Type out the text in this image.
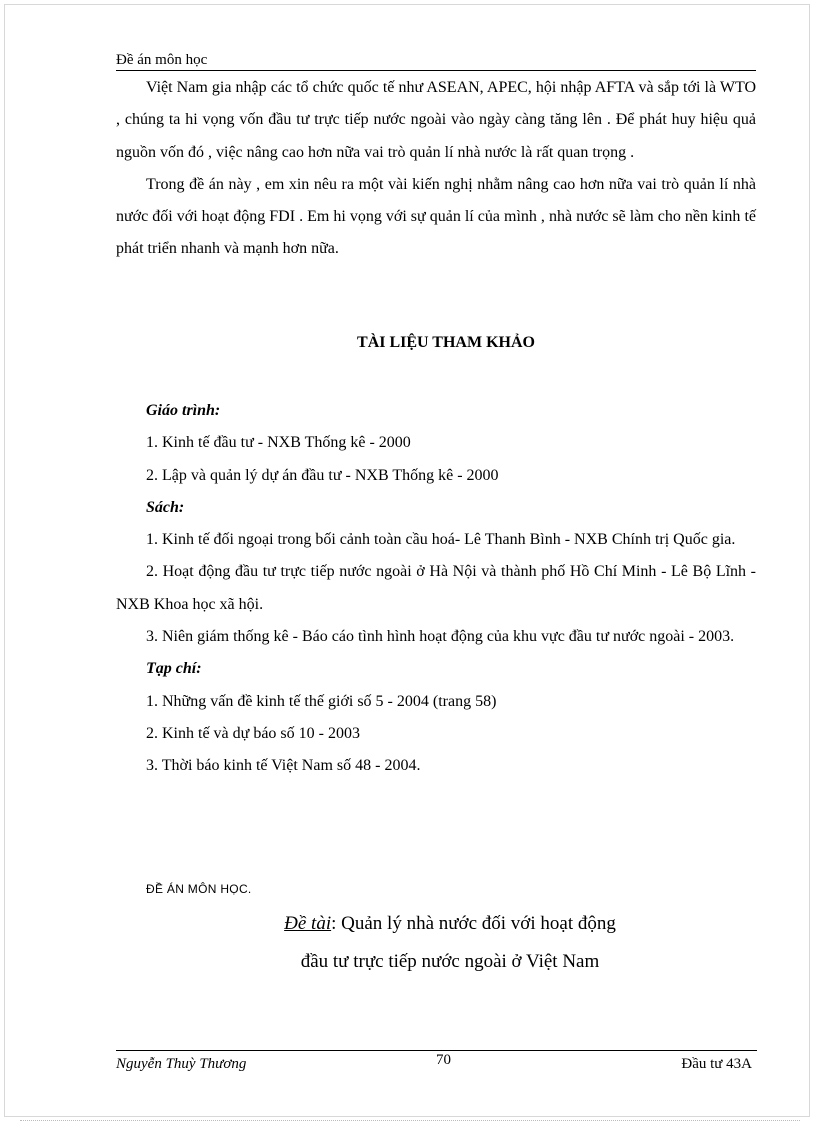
Đề án môn học

Việt Nam gia nhập các tổ chức quốc tế như ASEAN, APEC, hội nhập AFTA và sắp tới là WTO , chúng ta hi vọng vốn đầu tư trực tiếp nước ngoài vào ngày càng tăng lên . Để phát huy hiệu quả nguồn vốn đó , việc nâng cao hơn nữa vai trò quản lí nhà nước là rất quan trọng .

Trong đề án này , em xin nêu ra một vài kiến nghị nhằm nâng cao hơn nữa vai trò quản lí nhà nước đối với hoạt động FDI . Em hi vọng với sự quản lí của mình , nhà nước sẽ làm cho nền kinh tế phát triển nhanh và mạnh hơn nữa.

TÀI LIỆU THAM KHẢO

Giáo trình:

1. Kinh tế đầu tư - NXB Thống kê - 2000

2. Lập và quản lý dự án đầu tư - NXB Thống kê - 2000

Sách:

1. Kinh tế đối ngoại trong bối cảnh toàn cầu hoá- Lê Thanh Bình - NXB Chính trị Quốc gia.

2. Hoạt động đầu tư trực tiếp nước ngoài ở Hà Nội và thành phố Hồ Chí Minh - Lê Bộ Lĩnh - NXB Khoa học xã hội.

3. Niên giám thống kê - Báo cáo tình hình hoạt động của khu vực đầu tư nước ngoài - 2003.

Tạp chí:

1. Những vấn đề kinh tế thế giới số 5 - 2004 (trang 58)

2. Kinh tế và dự báo số 10 - 2003

3. Thời báo kinh tế Việt Nam số 48 - 2004.

ĐỀ ÁN MÔN HỌC.
Đề tài: Quản lý nhà nước đối với hoạt động
đầu tư trực tiếp nước ngoài ở Việt Nam
Nguyễn Thuỳ Thương	70	Đầu tư 43A
